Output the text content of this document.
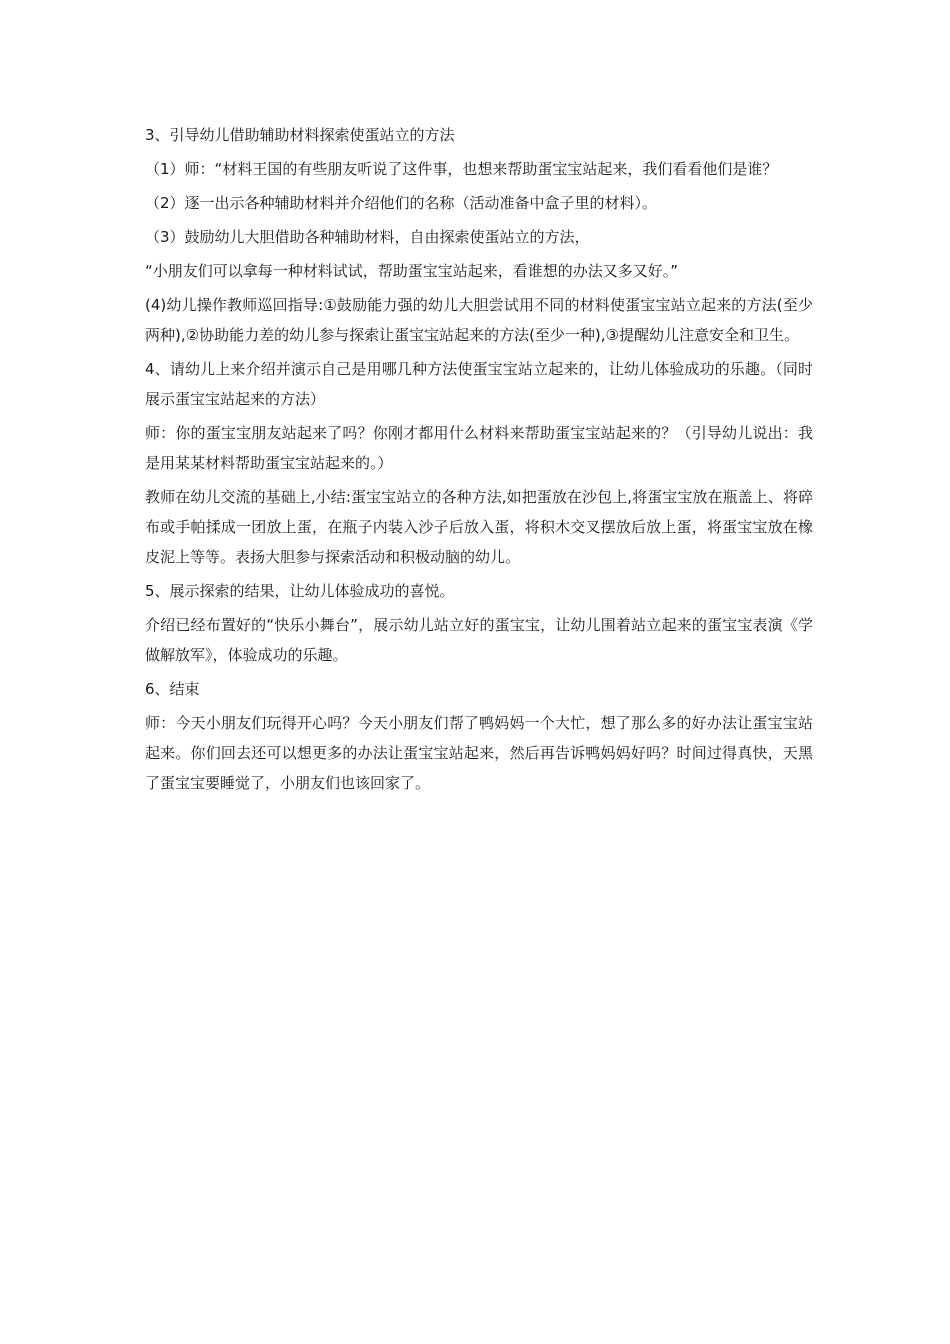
3、引导幼儿借助辅助材料探索使蛋站立的方法

（1）师：“材料王国的有些朋友听说了这件事，也想来帮助蛋宝宝站起来，我们看看他们是谁？

（2）逐一出示各种辅助材料并介绍他们的名称（活动准备中盒子里的材料）。

（3）鼓励幼儿大胆借助各种辅助材料，自由探索使蛋站立的方法，

“小朋友们可以拿每一种材料试试，帮助蛋宝宝站起来，看谁想的办法又多又好。”

(4)幼儿操作教师巡回指导:①鼓励能力强的幼儿大胆尝试用不同的材料使蛋宝宝站立起来的方法(至少两种),②协助能力差的幼儿参与探索让蛋宝宝站起来的方法(至少一种),③提醒幼儿注意安全和卫生。

4、请幼儿上来介绍并演示自己是用哪几种方法使蛋宝宝站立起来的，让幼儿体验成功的乐趣。（同时展示蛋宝宝站起来的方法）

师：你的蛋宝宝朋友站起来了吗？你刚才都用什么材料来帮助蛋宝宝站起来的？（引导幼儿说出：我是用某某材料帮助蛋宝宝站起来的。）

教师在幼儿交流的基础上,小结:蛋宝宝站立的各种方法,如把蛋放在沙包上,将蛋宝宝放在瓶盖上、将碎布或手帕揉成一团放上蛋，在瓶子内装入沙子后放入蛋，将积木交叉摆放后放上蛋，将蛋宝宝放在橡皮泥上等等。表扬大胆参与探索活动和积极动脑的幼儿。

5、展示探索的结果，让幼儿体验成功的喜悦。

介绍已经布置好的“快乐小舞台”，展示幼儿站立好的蛋宝宝，让幼儿围着站立起来的蛋宝宝表演《学做解放军》，体验成功的乐趣。

6、结束

师：今天小朋友们玩得开心吗？今天小朋友们帮了鸭妈妈一个大忙，想了那么多的好办法让蛋宝宝站起来。你们回去还可以想更多的办法让蛋宝宝站起来，然后再告诉鸭妈妈好吗？时间过得真快，天黑了蛋宝宝要睡觉了，小朋友们也该回家了。
